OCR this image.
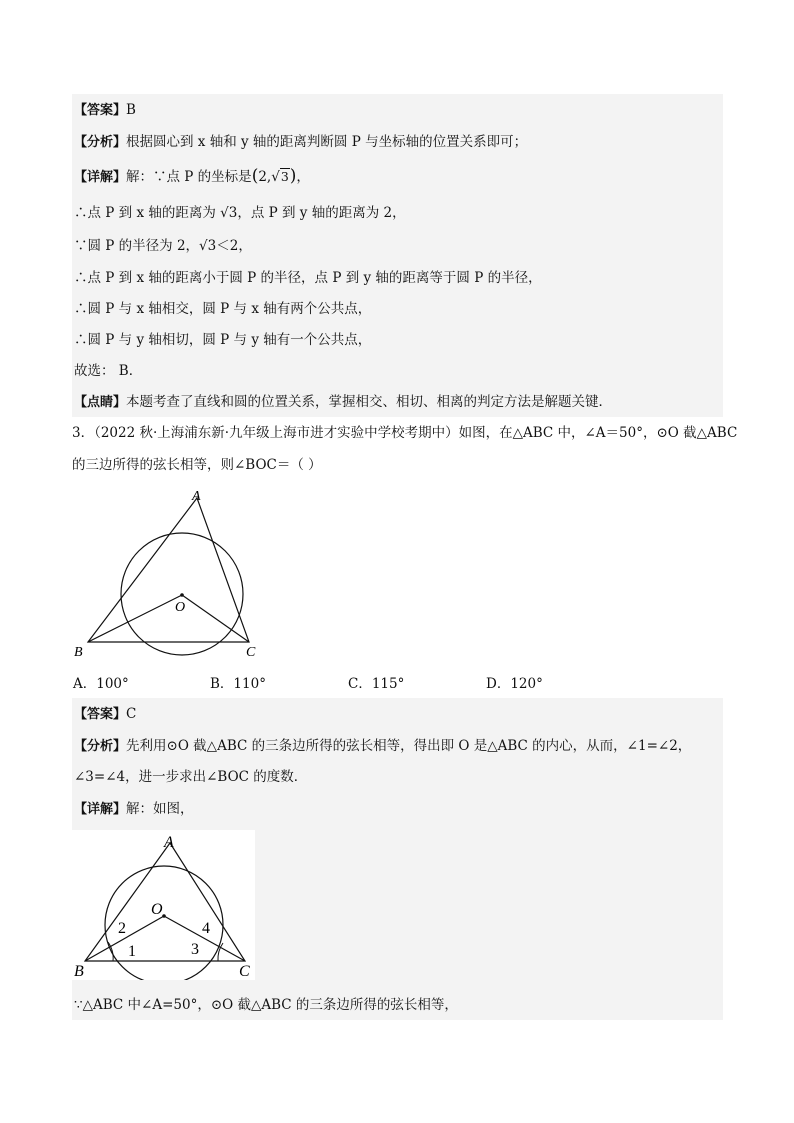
【答案】B
【分析】根据圆心到 x 轴和 y 轴的距离判断圆 P 与坐标轴的位置关系即可；
【详解】解：∵点 P 的坐标是(2,√3)，
∴点 P 到 x 轴的距离为 √3，点 P 到 y 轴的距离为 2，
∵圆 P 的半径为 2，√3＜2，
∴点 P 到 x 轴的距离小于圆 P 的半径，点 P 到 y 轴的距离等于圆 P 的半径，
∴圆 P 与 x 轴相交，圆 P 与 x 轴有两个公共点，
∴圆 P 与 y 轴相切，圆 P 与 y 轴有一个公共点，
故选： B．
【点睛】本题考查了直线和圆的位置关系，掌握相交、相切、相离的判定方法是解题关键．
3．（2022 秋·上海浦东新·九年级上海市进才实验中学校考期中）如图，在△ABC 中，∠A＝50°，⊙O 截△ABC
的三边所得的弦长相等，则∠BOC＝（ ）
A
B	C
O
A．100°	B．110°	C．115°	D．120°
【答案】C
【分析】先利用⊙O 截△ABC 的三条边所得的弦长相等，得出即 O 是△ABC 的内心，从而，∠1=∠2，
∠3=∠4，进一步求出∠BOC 的度数．
【详解】解：如图，
A
B	C
O
1
2
3
4
∵△ABC 中∠A=50°，⊙O 截△ABC 的三条边所得的弦长相等，
